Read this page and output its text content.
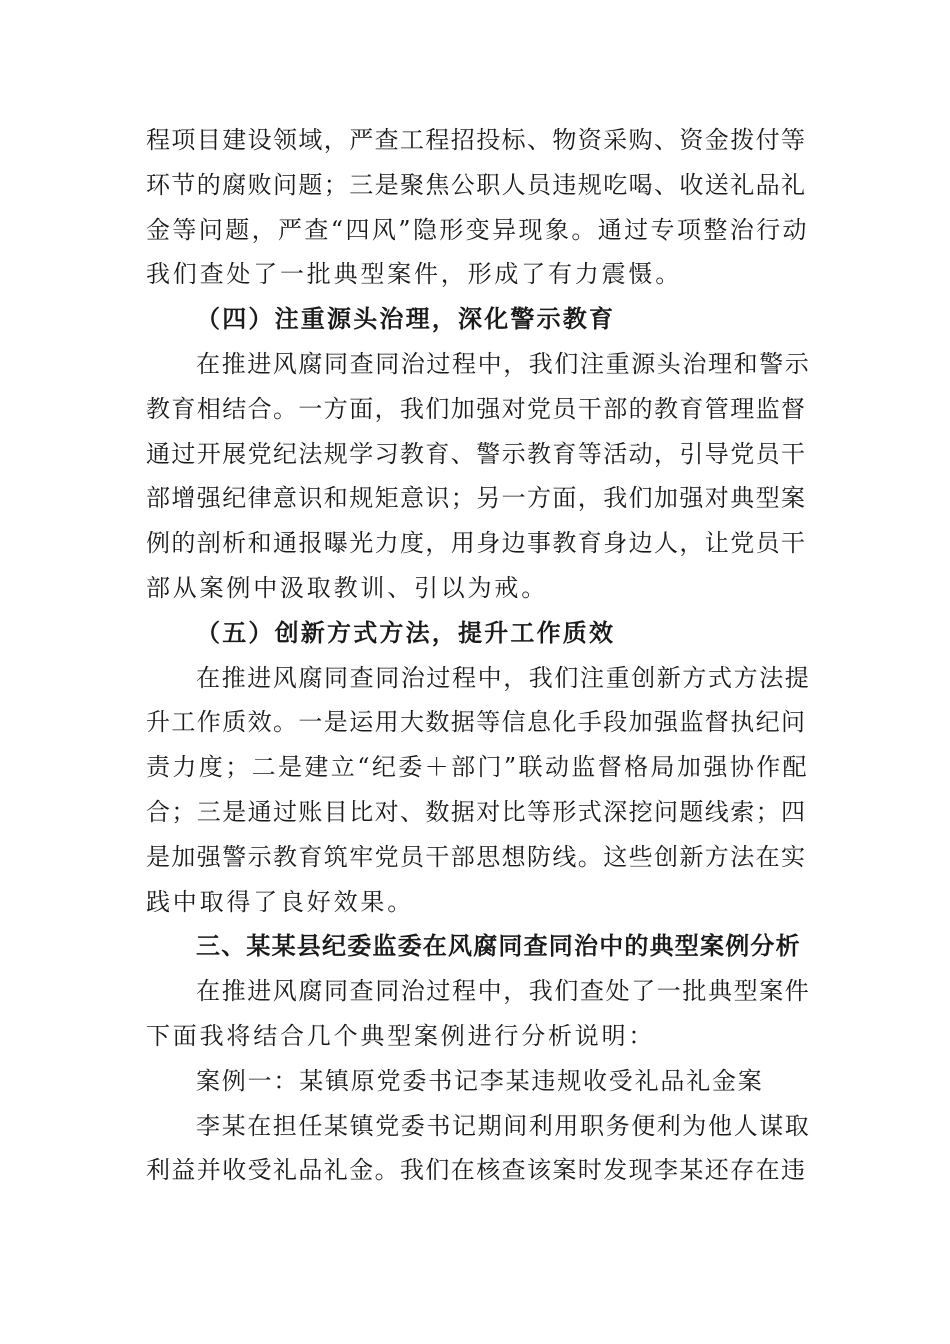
程项目建设领域，严查工程招投标、物资采购、资金拨付等
环节的腐败问题；三是聚焦公职人员违规吃喝、收送礼品礼
金等问题，严查“四风”隐形变异现象。通过专项整治行动
我们查处了一批典型案件，形成了有力震慑。
（四）注重源头治理，深化警示教育
在推进风腐同查同治过程中，我们注重源头治理和警示
教育相结合。一方面，我们加强对党员干部的教育管理监督
通过开展党纪法规学习教育、警示教育等活动，引导党员干
部增强纪律意识和规矩意识；另一方面，我们加强对典型案
例的剖析和通报曝光力度，用身边事教育身边人，让党员干
部从案例中汲取教训、引以为戒。
（五）创新方式方法，提升工作质效
在推进风腐同查同治过程中，我们注重创新方式方法提
升工作质效。一是运用大数据等信息化手段加强监督执纪问
责力度；二是建立“纪委＋部门”联动监督格局加强协作配
合；三是通过账目比对、数据对比等形式深挖问题线索；四
是加强警示教育筑牢党员干部思想防线。这些创新方法在实
践中取得了良好效果。
三、某某县纪委监委在风腐同查同治中的典型案例分析
在推进风腐同查同治过程中，我们查处了一批典型案件
下面我将结合几个典型案例进行分析说明：
案例一：某镇原党委书记李某违规收受礼品礼金案
李某在担任某镇党委书记期间利用职务便利为他人谋取
利益并收受礼品礼金。我们在核查该案时发现李某还存在违
